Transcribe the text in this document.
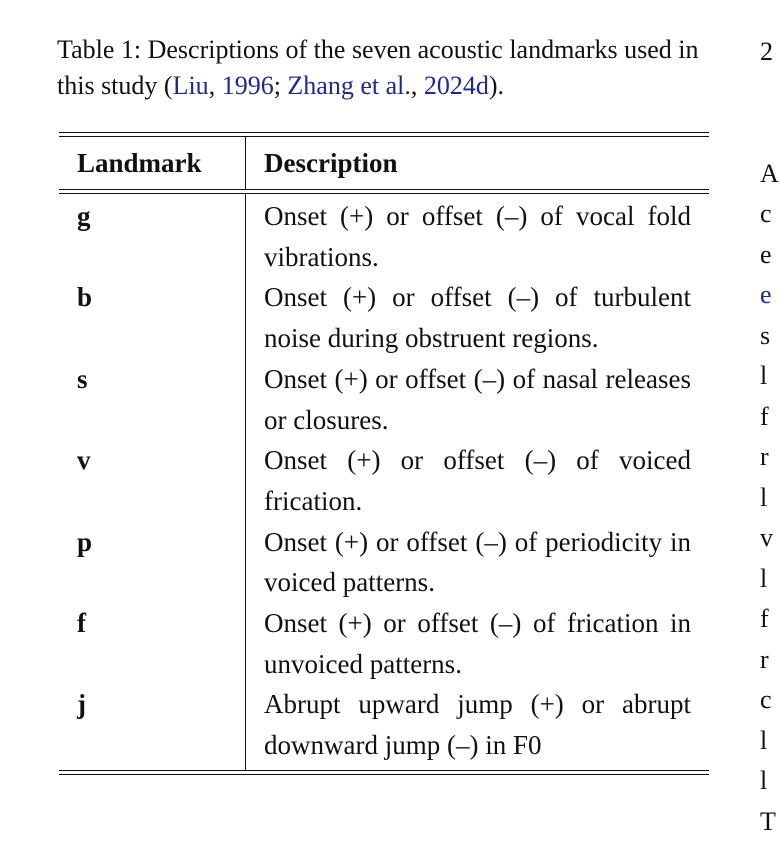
Table 1: Descriptions of the seven acoustic landmarks used in this study (Liu, 1996; Zhang et al., 2024d).

Landmark	Description
g	Onset (+) or offset (–) of vocal fold vibrations.
b	Onset (+) or offset (–) of turbulent noise during obstruent regions.
s	Onset (+) or offset (–) of nasal releases or closures.
v	Onset (+) or offset (–) of voiced frication.
p	Onset (+) or offset (–) of periodicity in voiced patterns.
f	Onset (+) or offset (–) of frication in unvoiced patterns.
j	Abrupt upward jump (+) or abrupt downward jump (–) in F0
2

A
c
e
e
s
l
f
r
l
v
l
f
r
c
l
l
T
